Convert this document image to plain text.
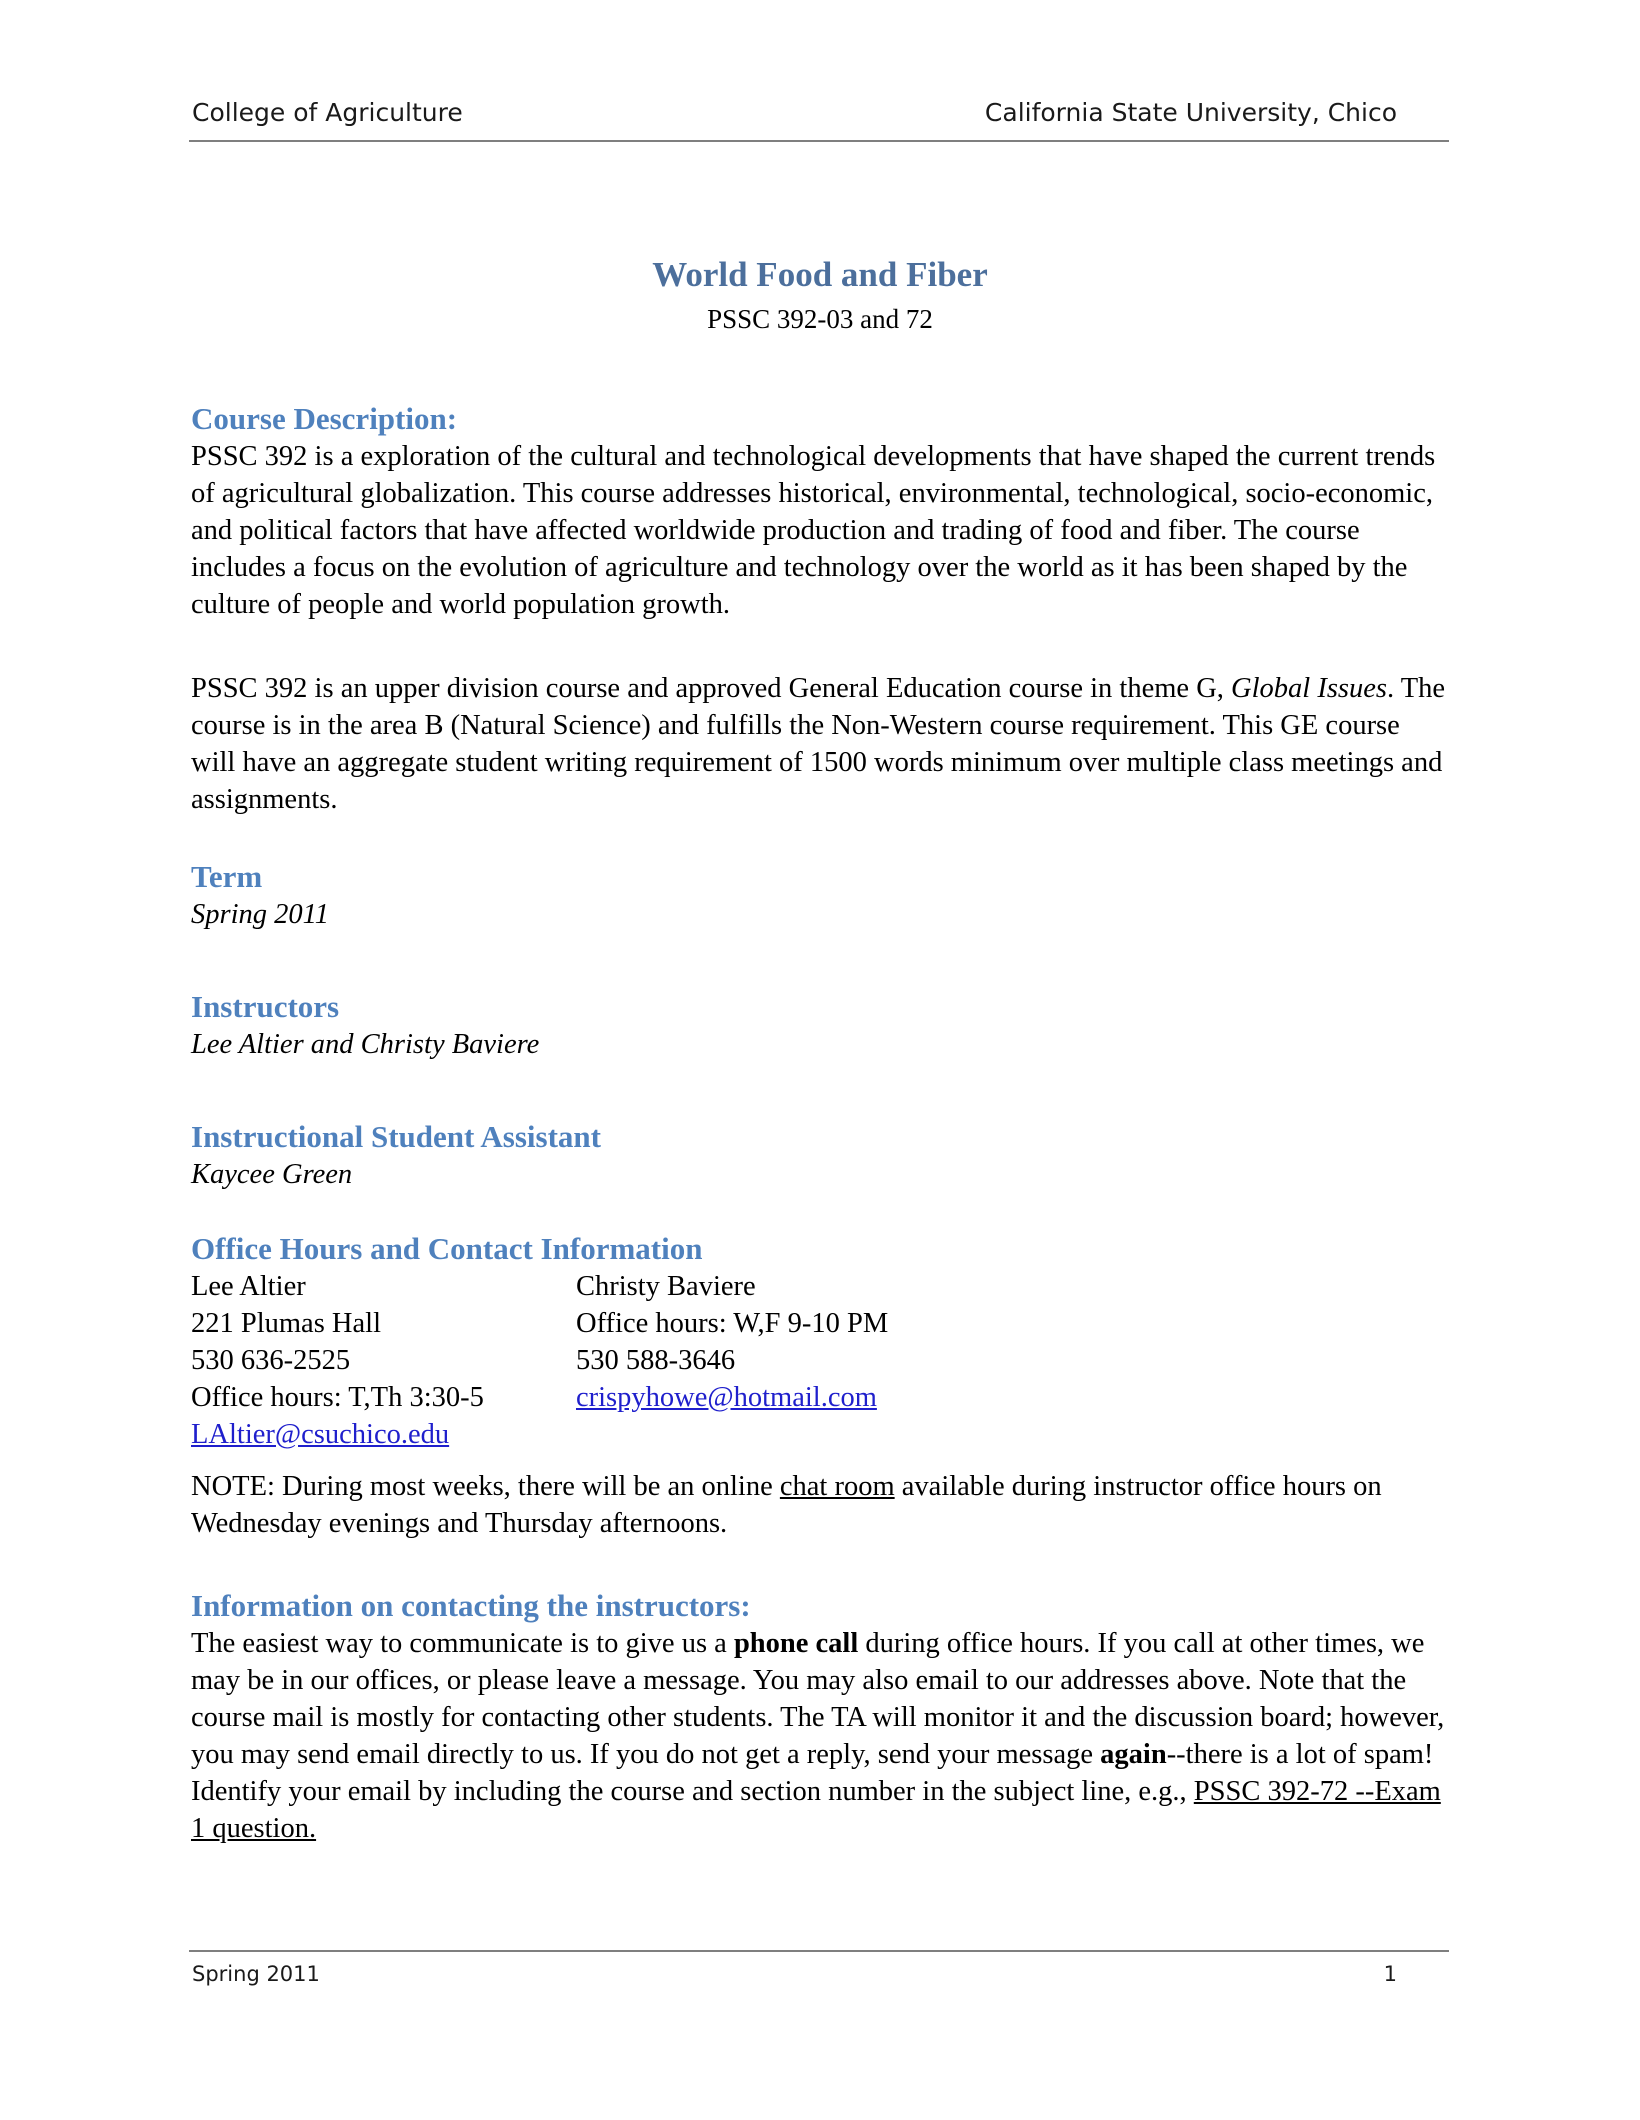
College of Agriculture	California State University, Chico
World Food and Fiber
PSSC 392-03 and 72
Course Description:

PSSC 392 is a exploration of the cultural and technological developments that have shaped the current trends of agricultural globalization. This course addresses historical, environmental, technological, socio-economic, and political factors that have affected worldwide production and trading of food and fiber. The course includes a focus on the evolution of agriculture and technology over the world as it has been shaped by the culture of people and world population growth.

PSSC 392 is an upper division course and approved General Education course in theme G, Global Issues. The course is in the area B (Natural Science) and fulfills the Non-Western course requirement. This GE course will have an aggregate student writing requirement of 1500 words minimum over multiple class meetings and assignments.

Term

Spring 2011

Instructors

Lee Altier and Christy Baviere

Instructional Student Assistant

Kaycee Green

Office Hours and Contact Information
Lee Altier
221 Plumas Hall
530 636-2525
Office hours: T,Th 3:30-5
LAltier@csuchico.edu
Christy Baviere
Office hours: W,F 9-10 PM
530 588-3646
crispyhowe@hotmail.com

NOTE: During most weeks, there will be an online chat room available during instructor office hours on Wednesday evenings and Thursday afternoons.

Information on contacting the instructors:

The easiest way to communicate is to give us a phone call during office hours. If you call at other times, we may be in our offices, or please leave a message. You may also email to our addresses above. Note that the course mail is mostly for contacting other students. The TA will monitor it and the discussion board; however, you may send email directly to us. If you do not get a reply, send your message again--there is a lot of spam! Identify your email by including the course and section number in the subject line, e.g., PSSC 392-72 --Exam 1 question.

Spring 2011	1
